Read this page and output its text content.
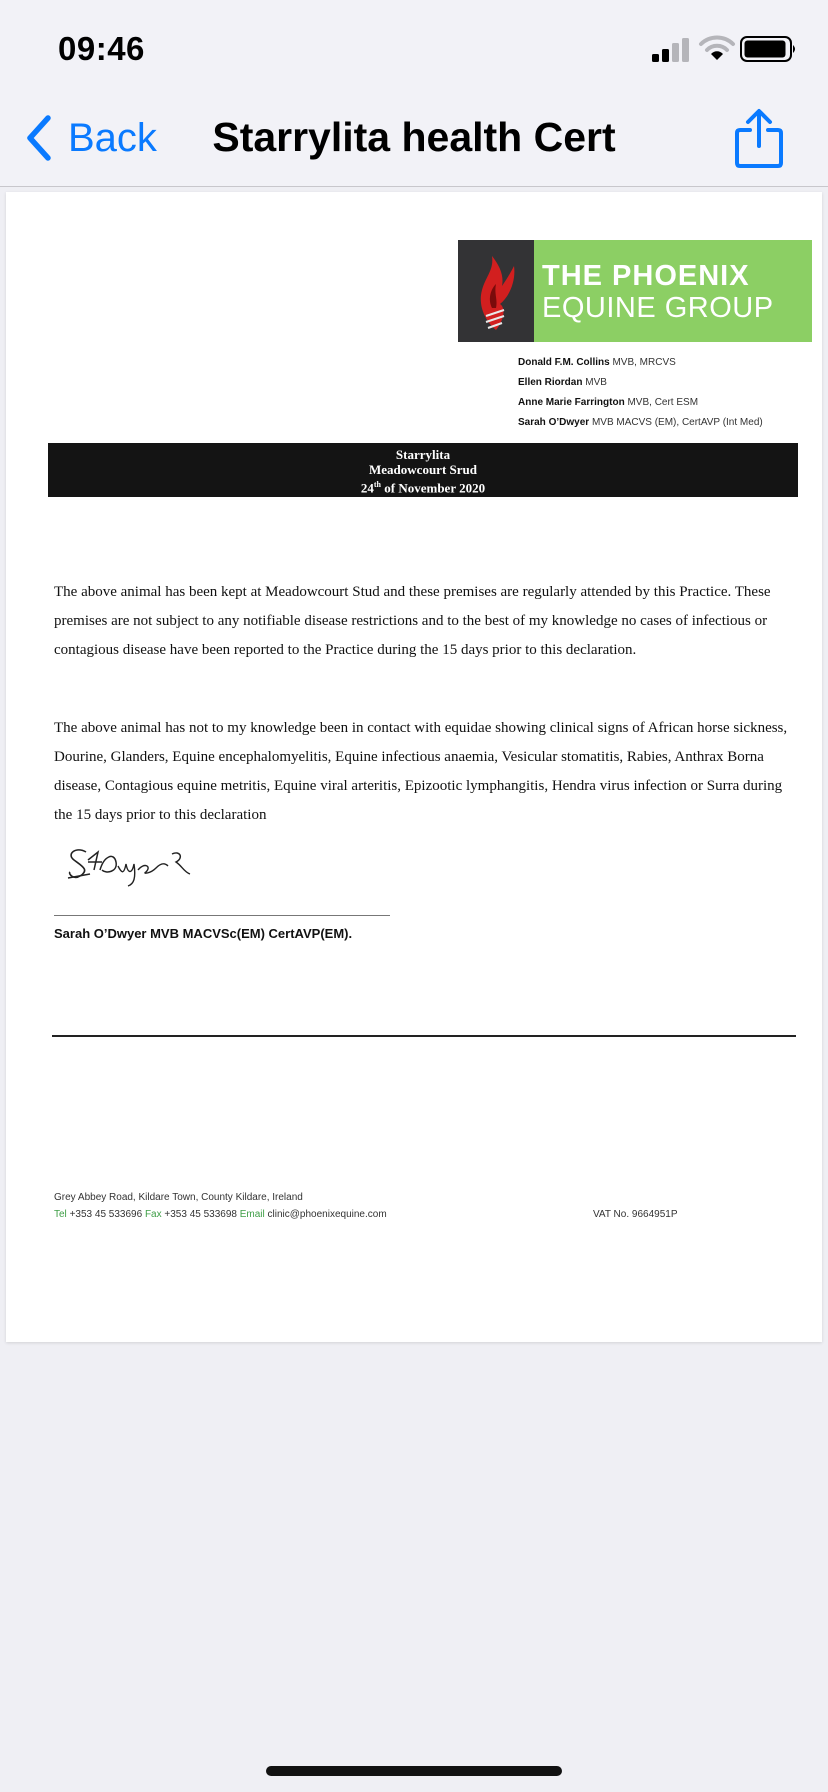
09:46
Back	Starrylita health Cert
THE PHOENIX
EQUINE GROUP
Donald F.M. Collins MVB, MRCVS
Ellen Riordan MVB
Anne Marie Farrington MVB, Cert ESM
Sarah O’Dwyer MVB MACVS (EM), CertAVP (Int Med)
Starrylita
Meadowcourt Srud
24th of November 2020
The above animal has been kept at Meadowcourt Stud and these premises are regularly attended by this Practice. These premises are not subject to any notifiable disease restrictions and to the best of my knowledge no cases of infectious or contagious disease have been reported to the Practice during the 15 days prior to this declaration.
The above animal has not to my knowledge been in contact with equidae showing clinical signs of African horse sickness, Dourine, Glanders, Equine encephalomyelitis, Equine infectious anaemia, Vesicular stomatitis, Rabies, Anthrax Borna disease, Contagious equine metritis, Equine viral arteritis, Epizootic lymphangitis, Hendra virus infection or Surra during the 15 days prior to this declaration
Sarah O’Dwyer MVB MACVSc(EM) CertAVP(EM).
Grey Abbey Road, Kildare Town, County Kildare, Ireland
Tel +353 45 533696 Fax +353 45 533698 Email clinic@phoenixequine.com	VAT No. 9664951P
